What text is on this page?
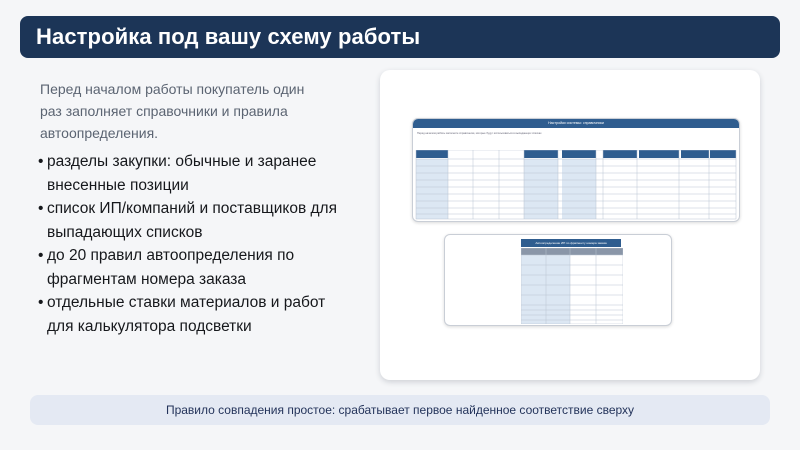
Настройка под вашу схему работы

Перед началом работы покупатель один раз заполняет справочники и правила автоопределения.

• разделы закупки: обычные и заранее внесенные позиции
• список ИП/компаний и поставщиков для выпадающих списков
• до 20 правил автоопределения по фрагментам номера заказа
• отдельные ставки материалов и работ для калькулятора подсветки
Настройки системы: справочники
Перед началом работы заполните справочники, которые будут использоваться в выпадающих списках.
Автоопределение ИП по фрагменту номера заказа
Правило совпадения простое: срабатывает первое найденное соответствие сверху
